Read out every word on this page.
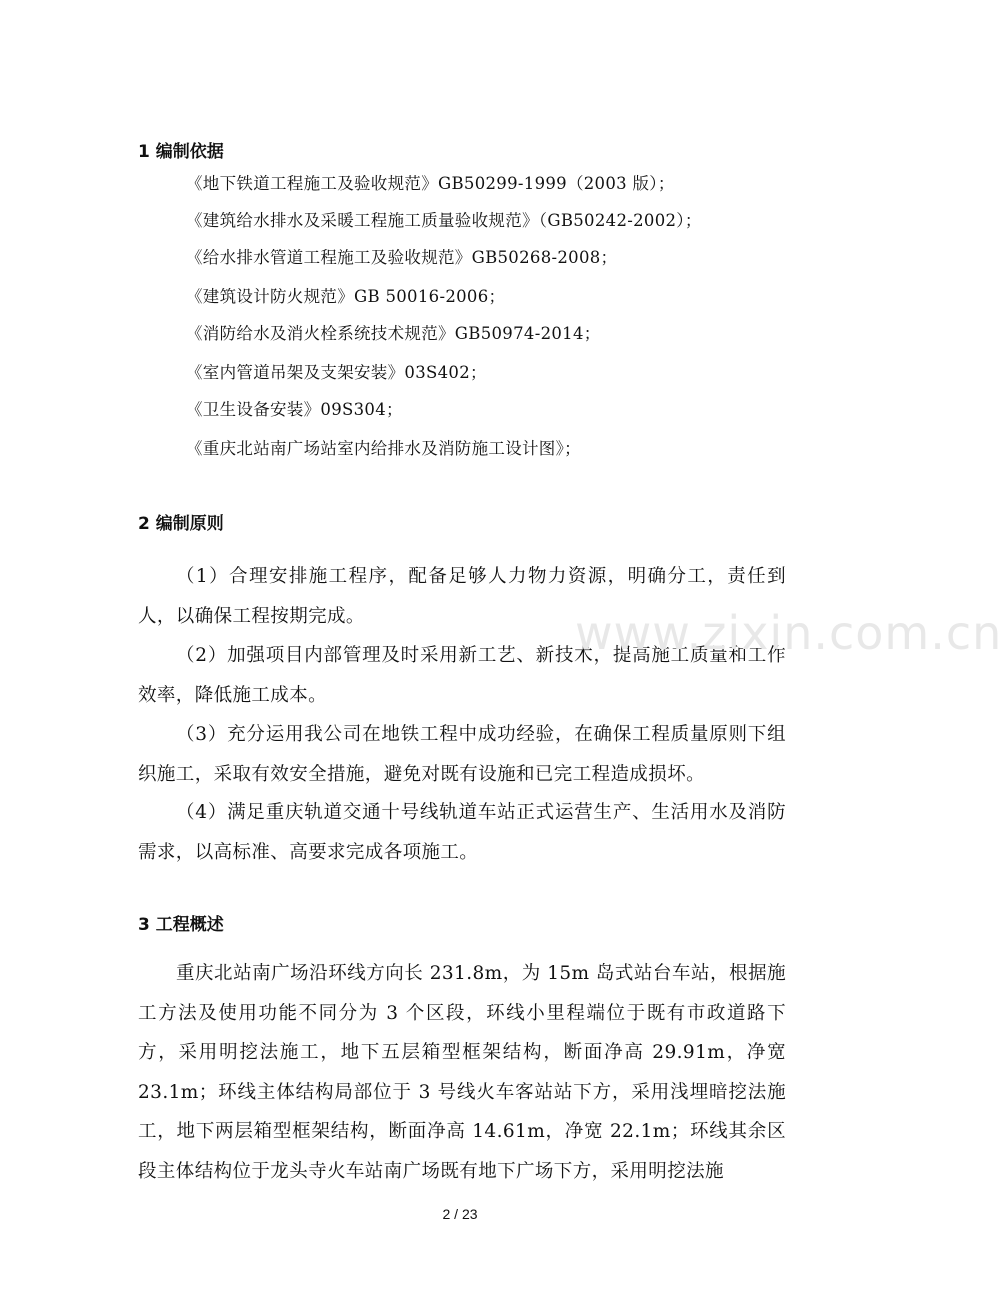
1 编制依据
《地下铁道工程施工及验收规范》GB50299-1999（2003 版）；
《建筑给水排水及采暖工程施工质量验收规范》（GB50242-2002）；
《给水排水管道工程施工及验收规范》GB50268-2008；
《建筑设计防火规范》GB 50016-2006；
《消防给水及消火栓系统技术规范》GB50974-2014；
《室内管道吊架及支架安装》03S402；
《卫生设备安装》09S304；
《重庆北站南广场站室内给排水及消防施工设计图》；
2 编制原则
（1）合理安排施工程序，配备足够人力物力资源，明确分工，责任到人，以确保工程按期完成。
（2）加强项目内部管理及时采用新工艺、新技术，提高施工质量和工作效率，降低施工成本。
（3）充分运用我公司在地铁工程中成功经验，在确保工程质量原则下组织施工，采取有效安全措施，避免对既有设施和已完工程造成损坏。
（4）满足重庆轨道交通十号线轨道车站正式运营生产、生活用水及消防需求，以高标准、高要求完成各项施工。
3 工程概述
重庆北站南广场沿环线方向长 231.8m，为 15m 岛式站台车站，根据施工方法及使用功能不同分为 3 个区段，环线小里程端位于既有市政道路下方，采用明挖法施工，地下五层箱型框架结构，断面净高 29.91m，净宽 23.1m；环线主体结构局部位于 3 号线火车客站站下方，采用浅埋暗挖法施工，地下两层箱型框架结构，断面净高 14.61m，净宽 22.1m；环线其余区段主体结构位于龙头寺火车站南广场既有地下广场下方，采用明挖法施
www.zixin.com.cn
2 / 23
